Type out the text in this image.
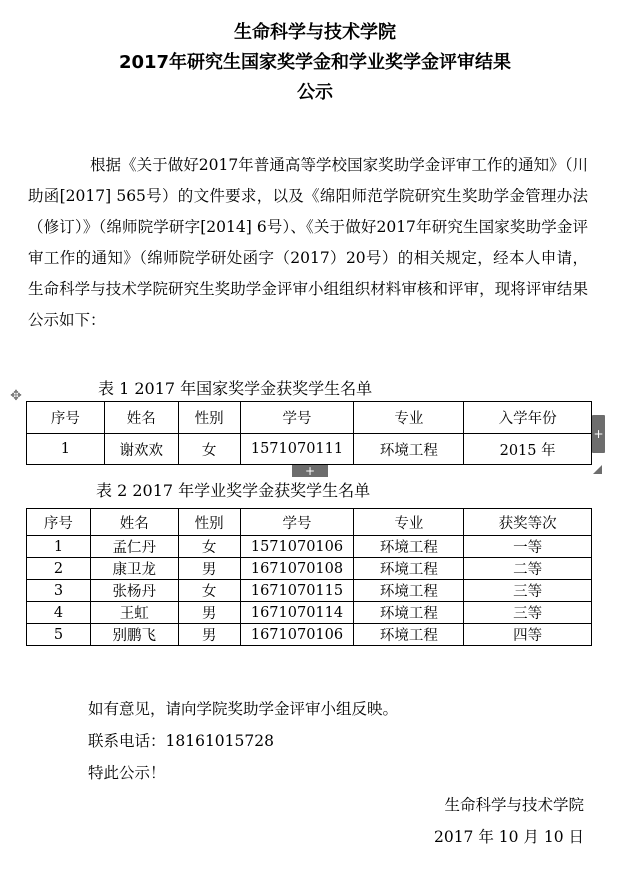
生命科学与技术学院
2017年研究生国家奖学金和学业奖学金评审结果
公示
根据《关于做好2017年普通高等学校国家奖助学金评审工作的通知》（川助函[2017] 565号）的文件要求，以及《绵阳师范学院研究生奖助学金管理办法（修订）》（绵师院学研字[2014] 6号）、《关于做好2017年研究生国家奖助学金评审工作的通知》（绵师院学研处函字（2017）20号）的相关规定，经本人申请，生命科学与技术学院研究生奖助学金评审小组组织材料审核和评审，现将评审结果公示如下：
表 1 2017 年国家奖学金获奖学生名单
✥
序号	姓名	性别	学号	专业	入学年份
1	谢欢欢	女	1571070111	环境工程	2015 年
+
+
表 2 2017 年学业奖学金获奖学生名单
序号	姓名	性别	学号	专业	获奖等次
1	孟仁丹	女	1571070106	环境工程	一等
2	康卫龙	男	1671070108	环境工程	二等
3	张杨丹	女	1671070115	环境工程	三等
4	王虹	男	1671070114	环境工程	三等
5	别鹏飞	男	1671070106	环境工程	四等
如有意见，请向学院奖助学金评审小组反映。
联系电话：18161015728
特此公示！
生命科学与技术学院
2017 年 10 月 10 日
